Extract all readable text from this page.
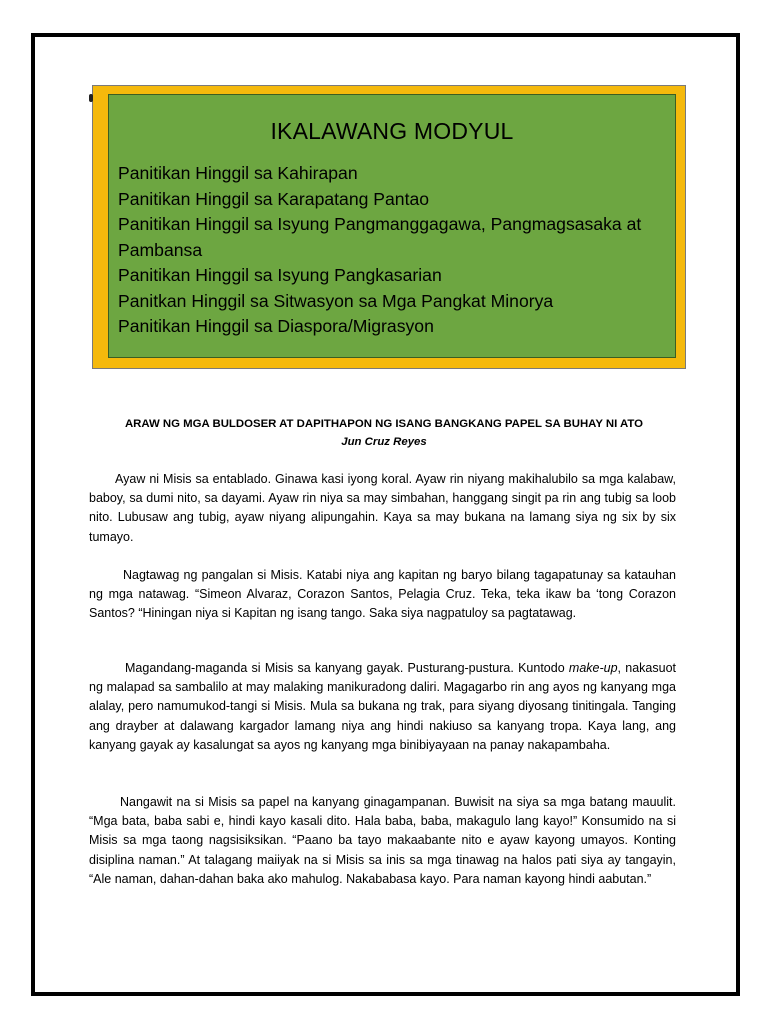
IKALAWANG MODYUL
Panitikan Hinggil sa Kahirapan
Panitikan Hinggil sa Karapatang Pantao
Panitikan Hinggil sa Isyung Pangmanggagawa, Pangmagsasaka at
Pambansa
Panitikan Hinggil sa Isyung Pangkasarian
Panitkan Hinggil sa Sitwasyon sa Mga Pangkat Minorya
Panitikan Hinggil sa Diaspora/Migrasyon
ARAW NG MGA BULDOSER AT DAPITHAPON NG ISANG BANGKANG PAPEL SA BUHAY NI ATO
Jun Cruz Reyes

Ayaw ni Misis sa entablado. Ginawa kasi iyong koral. Ayaw rin niyang makihalubilo sa mga kalabaw, baboy, sa dumi nito, sa dayami. Ayaw rin niya sa may simbahan, hanggang singit pa rin ang tubig sa loob nito. Lubusaw ang tubig, ayaw niyang alipungahin. Kaya sa may bukana na lamang siya ng six by six tumayo.

Nagtawag ng pangalan si Misis. Katabi niya ang kapitan ng baryo bilang tagapatunay sa katauhan ng mga natawag. “Simeon Alvaraz, Corazon Santos, Pelagia Cruz. Teka, teka ikaw ba ‘tong Corazon Santos? “Hiningan niya si Kapitan ng isang tango. Saka siya nagpatuloy sa pagtatawag.

Magandang-maganda si Misis sa kanyang gayak. Pusturang-pustura. Kuntodo make-up, nakasuot ng malapad sa sambalilo at may malaking manikuradong daliri. Magagarbo rin ang ayos ng kanyang mga alalay, pero namumukod-tangi si Misis. Mula sa bukana ng trak, para siyang diyosang tinitingala. Tanging ang drayber at dalawang kargador lamang niya ang hindi nakiuso sa kanyang tropa. Kaya lang, ang kanyang gayak ay kasalungat sa ayos ng kanyang mga binibiyayaan na panay nakapambaha.

Nangawit na si Misis sa papel na kanyang ginagampanan. Buwisit na siya sa mga batang mauulit. “Mga bata, baba sabi e, hindi kayo kasali dito. Hala baba, baba, makagulo lang kayo!” Konsumido na si Misis sa mga taong nagsisiksikan. “Paano ba tayo makaabante nito e ayaw kayong umayos. Konting disiplina naman.” At talagang maiiyak na si Misis sa inis sa mga tinawag na halos pati siya ay tangayin, “Ale naman, dahan-dahan baka ako mahulog. Nakababasa kayo. Para naman kayong hindi aabutan.”
